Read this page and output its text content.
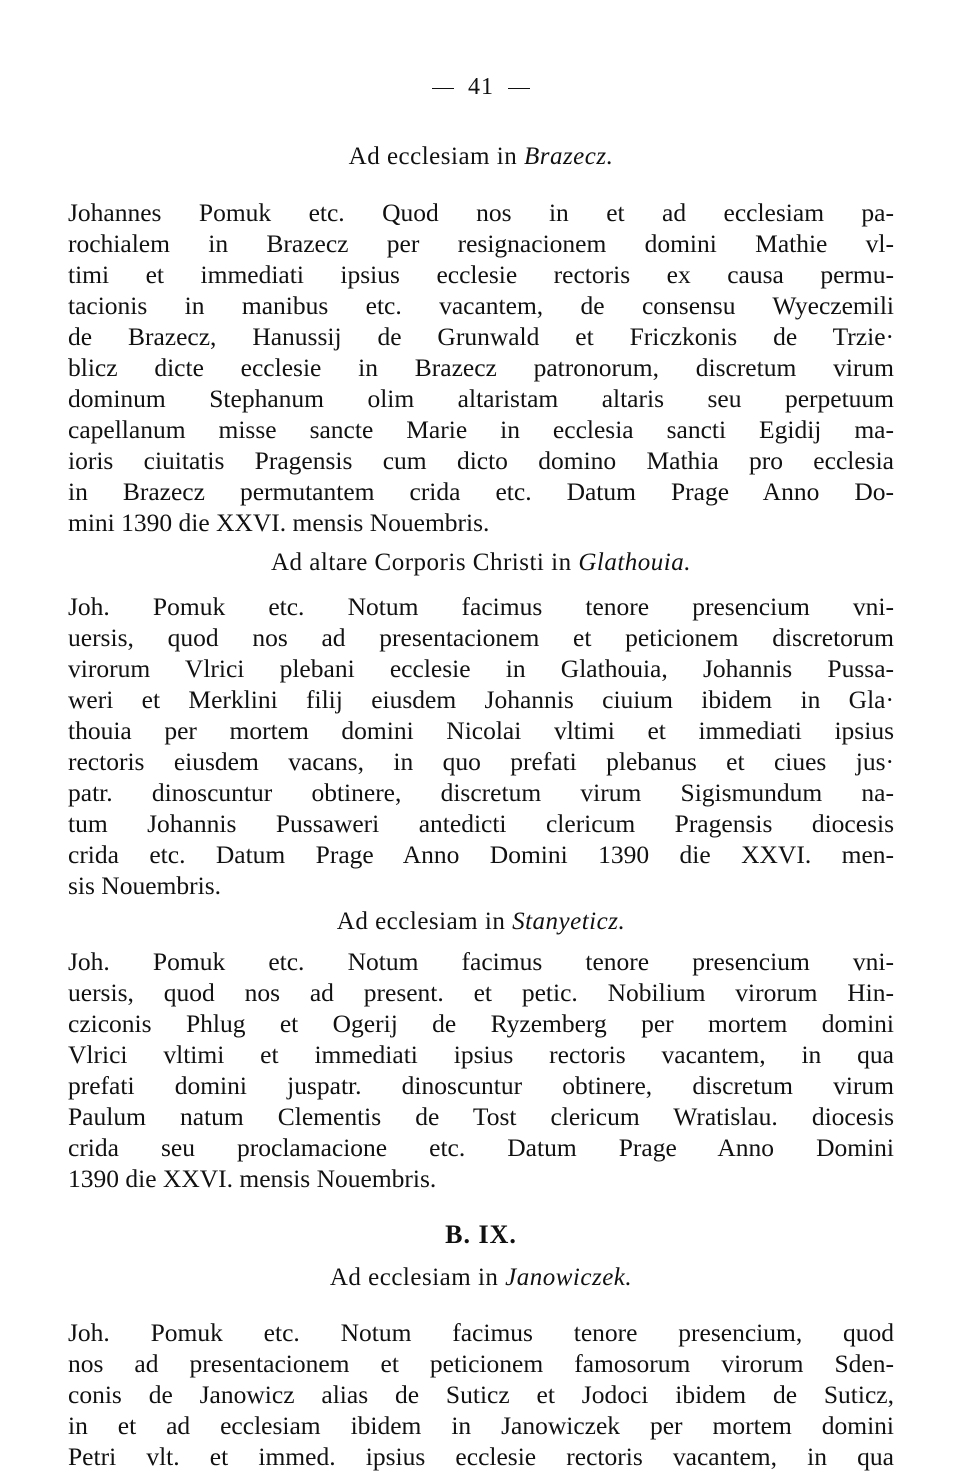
41
Ad ecclesiam in Brazecz.
Johannes Pomuk etc. Quod nos in et ad ecclesiam pa-
rochialem in Brazecz per resignacionem domini Mathie vl-
timi et immediati ipsius ecclesie rectoris ex causa permu-
tacionis in manibus etc. vacantem, de consensu Wyeczemili
de Brazecz, Hanussij de Grunwald et Friczkonis de Trzie·
blicz dicte ecclesie in Brazecz patronorum, discretum virum
dominum Stephanum olim altaristam altaris seu perpetuum
capellanum misse sancte Marie in ecclesia sancti Egidij ma-
ioris ciuitatis Pragensis cum dicto domino Mathia pro ecclesia
in Brazecz permutantem crida etc. Datum Prage Anno Do-
mini 1390 die XXVI. mensis Nouembris.
Ad altare Corporis Christi in Glathouia.
Joh. Pomuk etc. Notum facimus tenore presencium vni-
uersis, quod nos ad presentacionem et peticionem discretorum
virorum Vlrici plebani ecclesie in Glathouia, Johannis Pussa-
weri et Merklini filij eiusdem Johannis ciuium ibidem in Gla·
thouia per mortem domini Nicolai vltimi et immediati ipsius
rectoris eiusdem vacans, in quo prefati plebanus et ciues jus·
patr. dinoscuntur obtinere, discretum virum Sigismundum na-
tum Johannis Pussaweri antedicti clericum Pragensis diocesis
crida etc. Datum Prage Anno Domini 1390 die XXVI. men-
sis Nouembris.
Ad ecclesiam in Stanyeticz.
Joh. Pomuk etc. Notum facimus tenore presencium vni-
uersis, quod nos ad present. et petic. Nobilium virorum Hin-
cziconis Phlug et Ogerij de Ryzemberg per mortem domini
Vlrici vltimi et immediati ipsius rectoris vacantem, in qua
prefati domini juspatr. dinoscuntur obtinere, discretum virum
Paulum natum Clementis de Tost clericum Wratislau. diocesis
crida seu proclamacione etc. Datum Prage Anno Domini
1390 die XXVI. mensis Nouembris.
B. IX.
Ad ecclesiam in Janowiczek.
Joh. Pomuk etc. Notum facimus tenore presencium, quod
nos ad presentacionem et peticionem famosorum virorum Sden-
conis de Janowicz alias de Suticz et Jodoci ibidem de Suticz,
in et ad ecclesiam ibidem in Janowiczek per mortem domini
Petri vlt. et immed. ipsius ecclesie rectoris vacantem, in qua
